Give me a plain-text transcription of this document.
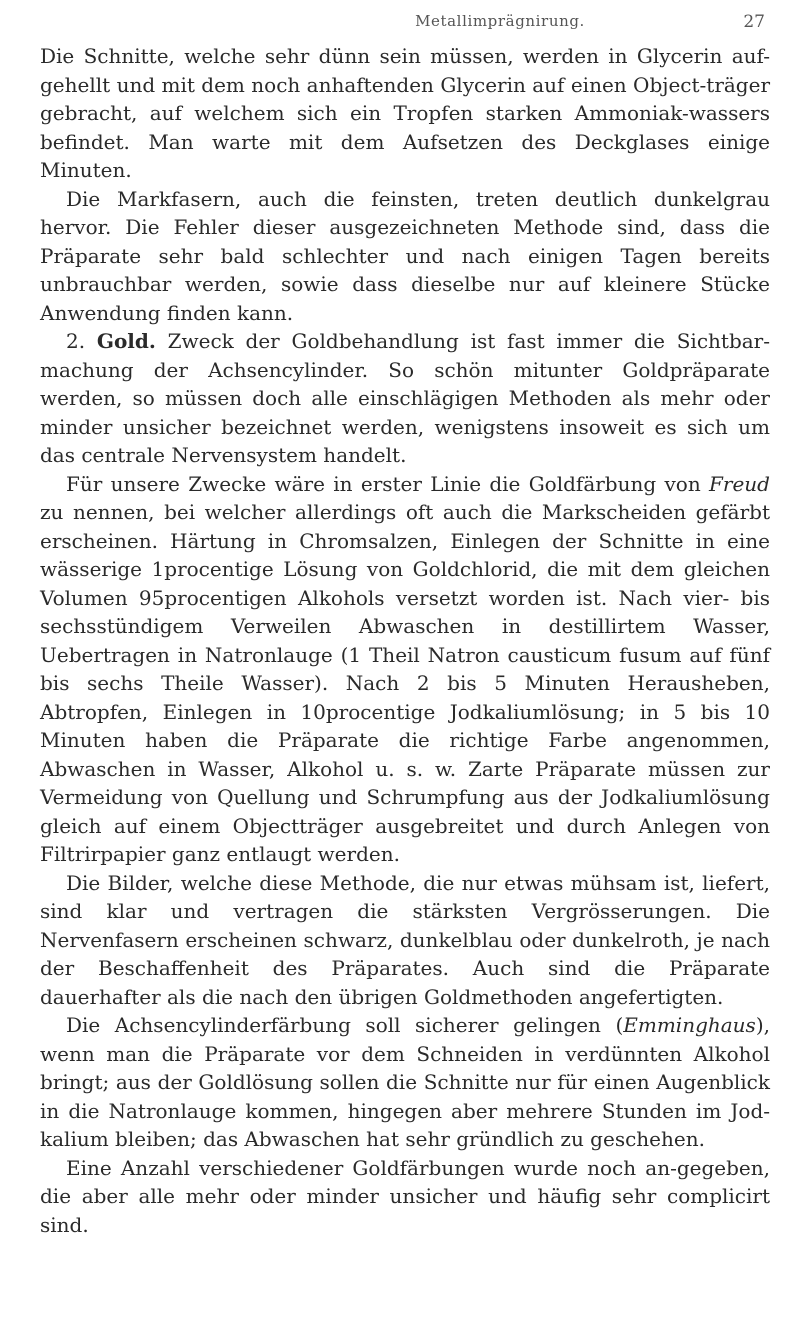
Metallimprägnirung.	27

Die Schnitte, welche sehr dünn sein müssen, werden in Glycerin auf-gehellt und mit dem noch anhaftenden Glycerin auf einen Object-träger gebracht, auf welchem sich ein Tropfen starken Ammoniak-wassers befindet. Man warte mit dem Aufsetzen des Deckglases einige Minuten.

Die Markfasern, auch die feinsten, treten deutlich dunkelgrau hervor. Die Fehler dieser ausgezeichneten Methode sind, dass die Präparate sehr bald schlechter und nach einigen Tagen bereits unbrauchbar werden, sowie dass dieselbe nur auf kleinere Stücke Anwendung finden kann.

2. Gold. Zweck der Goldbehandlung ist fast immer die Sichtbar-machung der Achsencylinder. So schön mitunter Goldpräparate werden, so müssen doch alle einschlägigen Methoden als mehr oder minder unsicher bezeichnet werden, wenigstens insoweit es sich um das centrale Nervensystem handelt.

Für unsere Zwecke wäre in erster Linie die Goldfärbung von Freud zu nennen, bei welcher allerdings oft auch die Markscheiden gefärbt erscheinen. Härtung in Chromsalzen, Einlegen der Schnitte in eine wässerige 1procentige Lösung von Goldchlorid, die mit dem gleichen Volumen 95procentigen Alkohols versetzt worden ist. Nach vier- bis sechsstündigem Verweilen Abwaschen in destillirtem Wasser, Uebertragen in Natronlauge (1 Theil Natron causticum fusum auf fünf bis sechs Theile Wasser). Nach 2 bis 5 Minuten Herausheben, Abtropfen, Einlegen in 10procentige Jodkaliumlösung; in 5 bis 10 Minuten haben die Präparate die richtige Farbe angenommen, Abwaschen in Wasser, Alkohol u. s. w. Zarte Präparate müssen zur Vermeidung von Quellung und Schrumpfung aus der Jodkaliumlösung gleich auf einem Objectträger ausgebreitet und durch Anlegen von Filtrirpapier ganz entlaugt werden.

Die Bilder, welche diese Methode, die nur etwas mühsam ist, liefert, sind klar und vertragen die stärksten Vergrösserungen. Die Nervenfasern erscheinen schwarz, dunkelblau oder dunkelroth, je nach der Beschaffenheit des Präparates. Auch sind die Präparate dauerhafter als die nach den übrigen Goldmethoden angefertigten.

Die Achsencylinderfärbung soll sicherer gelingen (Emminghaus), wenn man die Präparate vor dem Schneiden in verdünnten Alkohol bringt; aus der Goldlösung sollen die Schnitte nur für einen Augenblick in die Natronlauge kommen, hingegen aber mehrere Stunden im Jod-kalium bleiben; das Abwaschen hat sehr gründlich zu geschehen.

Eine Anzahl verschiedener Goldfärbungen wurde noch an-gegeben, die aber alle mehr oder minder unsicher und häufig sehr complicirt sind.
